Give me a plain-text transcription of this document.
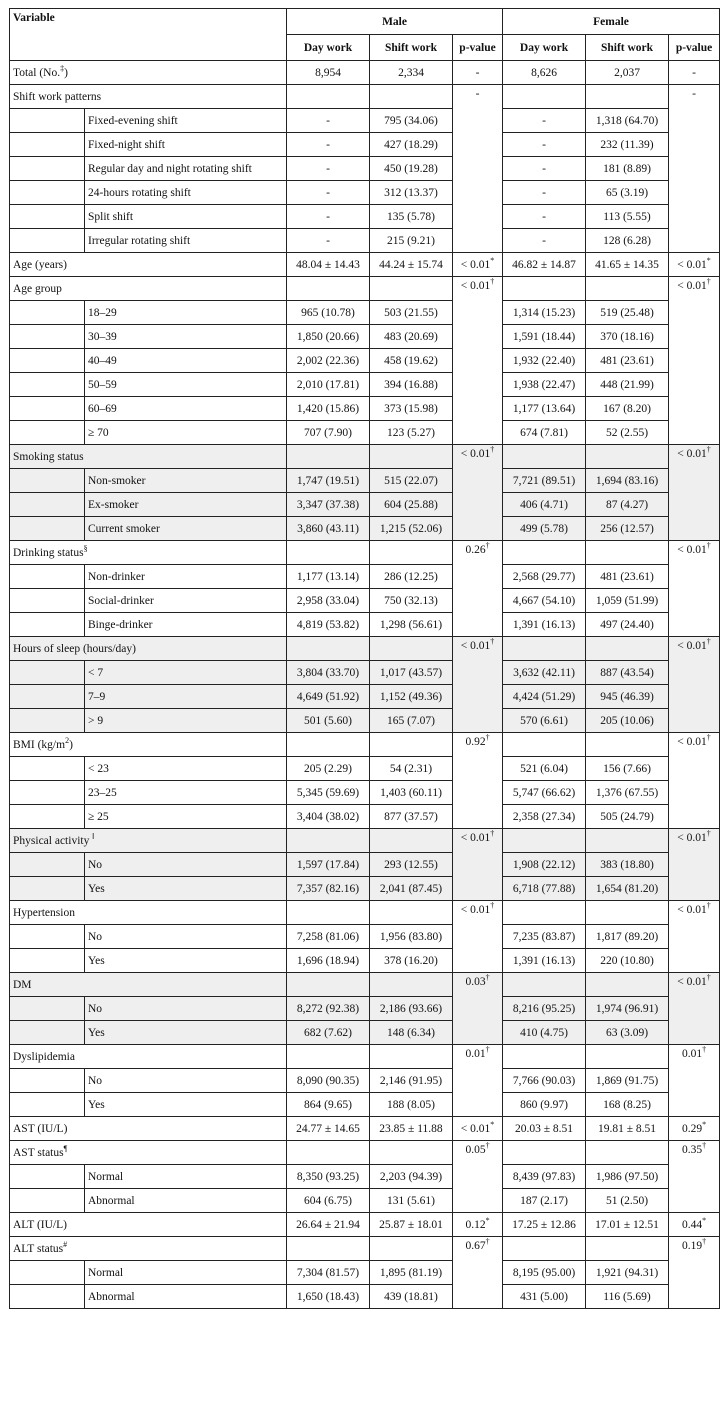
Variable		Male			Female		
		Day work	Shift work	p-value	Day work	Shift work	p-value
Total (No.‡)		8,954	2,334	-	8,626	2,037	-
Shift work patterns				-			-
	Fixed-evening shift	-	795 (34.06)		-	1,318 (64.70)	
	Fixed-night shift	-	427 (18.29)		-	232 (11.39)	
	Regular day and night rotating shift	-	450 (19.28)		-	181 (8.89)	
	24-hours rotating shift	-	312 (13.37)		-	65 (3.19)	
	Split shift	-	135 (5.78)		-	113 (5.55)	
	Irregular rotating shift	-	215 (9.21)		-	128 (6.28)	
Age (years)		48.04 ± 14.43	44.24 ± 15.74	< 0.01*	46.82 ± 14.87	41.65 ± 14.35	< 0.01*
Age group				< 0.01†			< 0.01†
	18–29	965 (10.78)	503 (21.55)		1,314 (15.23)	519 (25.48)	
	30–39	1,850 (20.66)	483 (20.69)		1,591 (18.44)	370 (18.16)	
	40–49	2,002 (22.36)	458 (19.62)		1,932 (22.40)	481 (23.61)	
	50–59	2,010 (17.81)	394 (16.88)		1,938 (22.47)	448 (21.99)	
	60–69	1,420 (15.86)	373 (15.98)		1,177 (13.64)	167 (8.20)	
	≥ 70	707 (7.90)	123 (5.27)		674 (7.81)	52 (2.55)	
Smoking status				< 0.01†			< 0.01†
	Non-smoker	1,747 (19.51)	515 (22.07)		7,721 (89.51)	1,694 (83.16)	
	Ex-smoker	3,347 (37.38)	604 (25.88)		406 (4.71)	87 (4.27)	
	Current smoker	3,860 (43.11)	1,215 (52.06)		499 (5.78)	256 (12.57)	
Drinking status§				0.26†			< 0.01†
	Non-drinker	1,177 (13.14)	286 (12.25)		2,568 (29.77)	481 (23.61)	
	Social-drinker	2,958 (33.04)	750 (32.13)		4,667 (54.10)	1,059 (51.99)	
	Binge-drinker	4,819 (53.82)	1,298 (56.61)		1,391 (16.13)	497 (24.40)	
Hours of sleep (hours/day)				< 0.01†			< 0.01†
	< 7	3,804 (33.70)	1,017 (43.57)		3,632 (42.11)	887 (43.54)	
	7–9	4,649 (51.92)	1,152 (49.36)		4,424 (51.29)	945 (46.39)	
	> 9	501 (5.60)	165 (7.07)		570 (6.61)	205 (10.06)	
BMI $(kg/m^2)$				0.92†			< 0.01†
	< 23	205 (2.29)	54 (2.31)		521 (6.04)	156 (7.66)	
	23–25	5,345 (59.69)	1,403 (60.11)		5,747 (66.62)	1,376 (67.55)	
	≥ 25	3,404 (38.02)	877 (37.57)		2,358 (27.34)	505 (24.79)	
Physical activity ‖				< 0.01†			< 0.01†
	No	1,597 (17.84)	293 (12.55)		1,908 (22.12)	383 (18.80)	
	Yes	7,357 (82.16)	2,041 (87.45)		6,718 (77.88)	1,654 (81.20)	
Hypertension				< 0.01†			< 0.01†
	No	7,258 (81.06)	1,956 (83.80)		7,235 (83.87)	1,817 (89.20)	
	Yes	1,696 (18.94)	378 (16.20)		1,391 (16.13)	220 (10.80)	
DM				0.03†			< 0.01†
	No	8,272 (92.38)	2,186 (93.66)		8,216 (95.25)	1,974 (96.91)	
	Yes	682 (7.62)	148 (6.34)		410 (4.75)	63 (3.09)	
Dyslipidemia				0.01†			0.01†
	No	8,090 (90.35)	2,146 (91.95)		7,766 (90.03)	1,869 (91.75)	
	Yes	864 (9.65)	188 (8.05)		860 (9.97)	168 (8.25)	
AST (IU/L)		24.77 ± 14.65	23.85 ± 11.88	< 0.01*	20.03 ± 8.51	19.81 ± 8.51	0.29*
AST status¶				0.05†			0.35†
	Normal	8,350 (93.25)	2,203 (94.39)		8,439 (97.83)	1,986 (97.50)	
	Abnormal	604 (6.75)	131 (5.61)		187 (2.17)	51 (2.50)	
ALT (IU/L)		26.64 ± 21.94	25.87 ± 18.01	0.12*	17.25 ± 12.86	17.01 ± 12.51	0.44*
ALT status#				0.67†			0.19†
	Normal	7,304 (81.57)	1,895 (81.19)		8,195 (95.00)	1,921 (94.31)	
	Abnormal	1,650 (18.43)	439 (18.81)		431 (5.00)	116 (5.69)	
